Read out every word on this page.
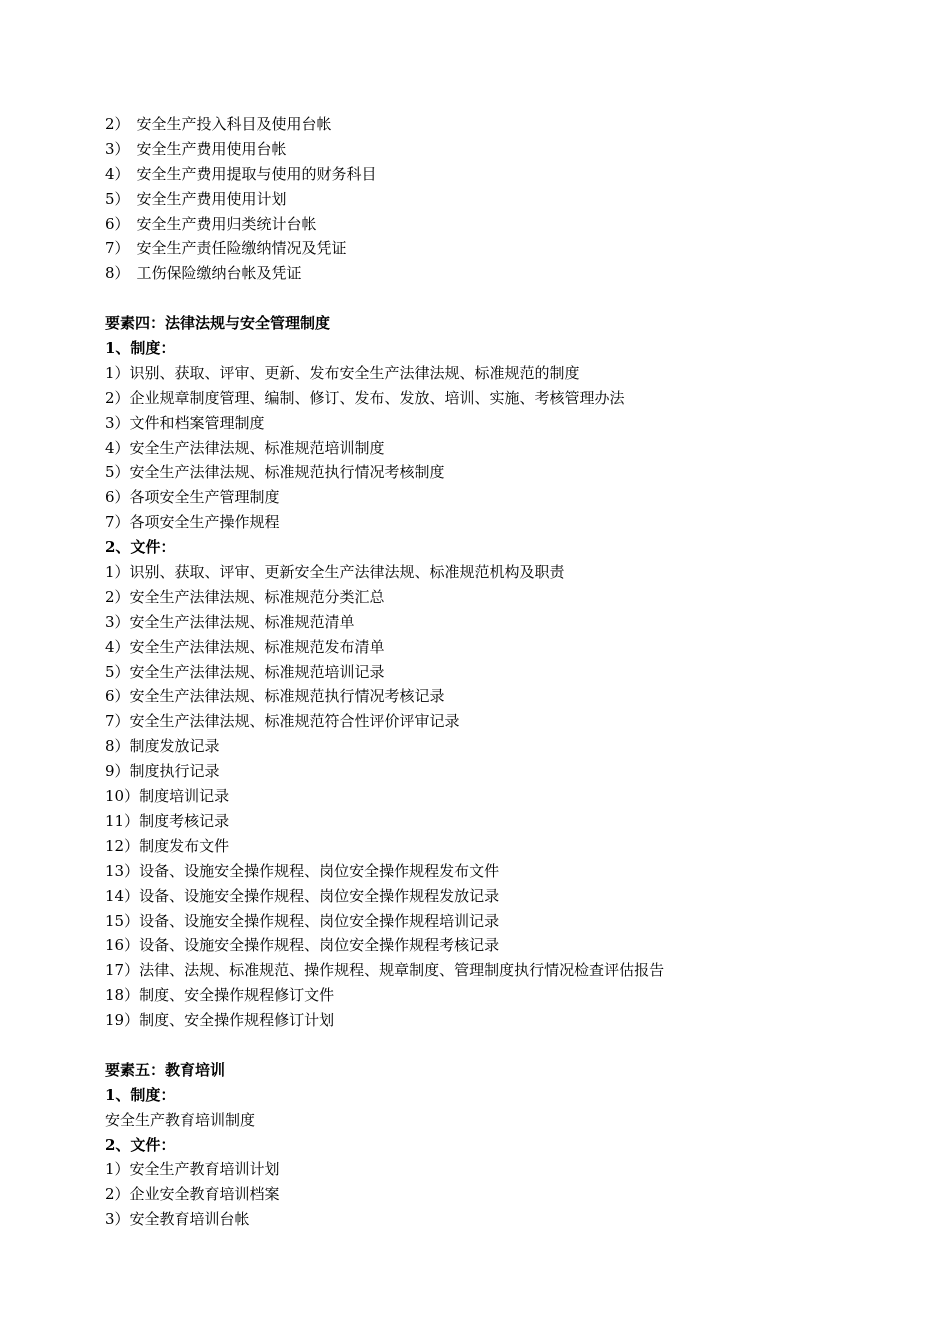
2） 安全生产投入科目及使用台帐
3） 安全生产费用使用台帐
4） 安全生产费用提取与使用的财务科目
5） 安全生产费用使用计划
6） 安全生产费用归类统计台帐
7） 安全生产责任险缴纳情况及凭证
8） 工伤保险缴纳台帐及凭证
要素四：法律法规与安全管理制度
1、制度：
1）识别、获取、评审、更新、发布安全生产法律法规、标准规范的制度
2）企业规章制度管理、编制、修订、发布、发放、培训、实施、考核管理办法
3）文件和档案管理制度
4）安全生产法律法规、标准规范培训制度
5）安全生产法律法规、标准规范执行情况考核制度
6）各项安全生产管理制度
7）各项安全生产操作规程
2、文件：
1）识别、获取、评审、更新安全生产法律法规、标准规范机构及职责
2）安全生产法律法规、标准规范分类汇总
3）安全生产法律法规、标准规范清单
4）安全生产法律法规、标准规范发布清单
5）安全生产法律法规、标准规范培训记录
6）安全生产法律法规、标准规范执行情况考核记录
7）安全生产法律法规、标准规范符合性评价评审记录
8）制度发放记录
9）制度执行记录
10）制度培训记录
11）制度考核记录
12）制度发布文件
13）设备、设施安全操作规程、岗位安全操作规程发布文件
14）设备、设施安全操作规程、岗位安全操作规程发放记录
15）设备、设施安全操作规程、岗位安全操作规程培训记录
16）设备、设施安全操作规程、岗位安全操作规程考核记录
17）法律、法规、标准规范、操作规程、规章制度、管理制度执行情况检查评估报告
18）制度、安全操作规程修订文件
19）制度、安全操作规程修订计划
要素五：教育培训
1、制度：
安全生产教育培训制度
2、文件：
1）安全生产教育培训计划
2）企业安全教育培训档案
3）安全教育培训台帐
